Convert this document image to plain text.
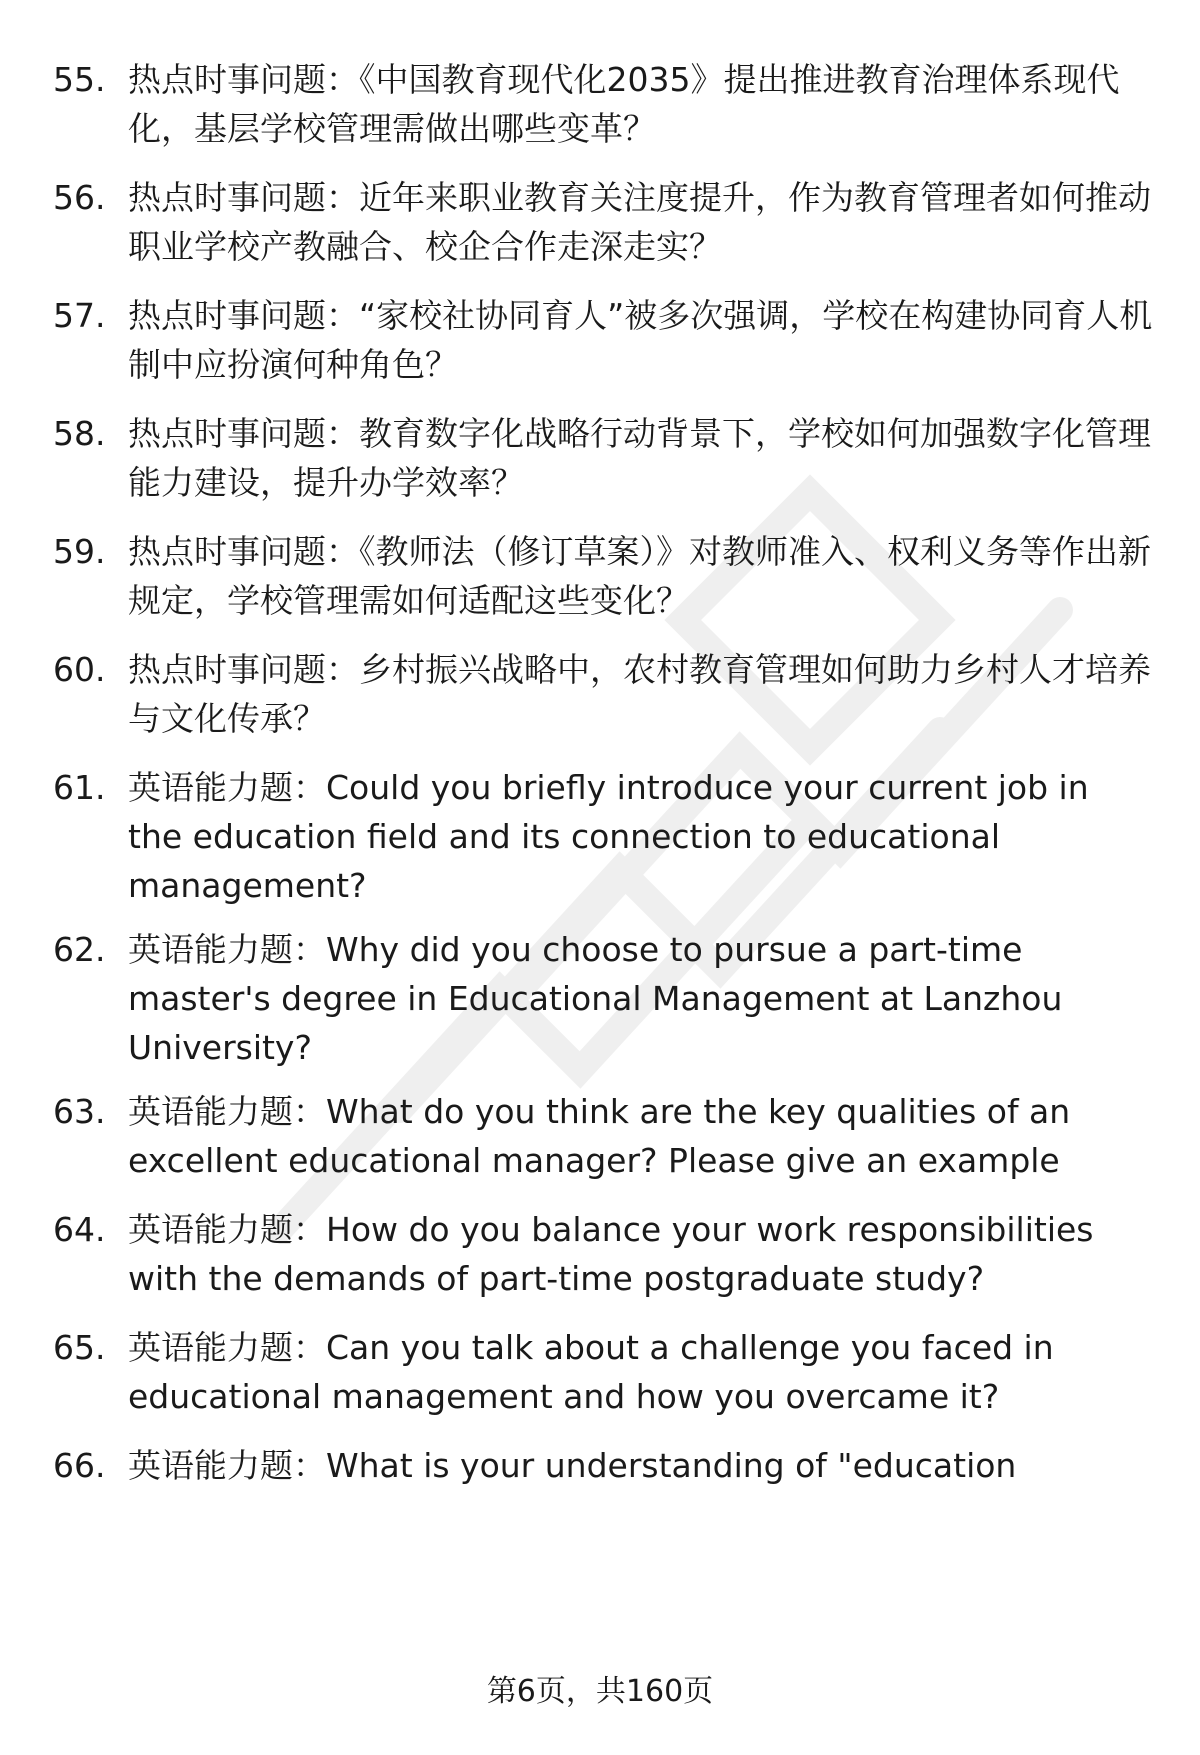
55. 热点时事问题：《中国教育现代化2035》提出推进教育治理体系现代化，基层学校管理需做出哪些变革？
56. 热点时事问题：近年来职业教育关注度提升，作为教育管理者如何推动职业学校产教融合、校企合作走深走实？
57. 热点时事问题：“家校社协同育人”被多次强调，学校在构建协同育人机制中应扮演何种角色？
58. 热点时事问题：教育数字化战略行动背景下，学校如何加强数字化管理能力建设，提升办学效率？
59. 热点时事问题：《教师法（修订草案）》对教师准入、权利义务等作出新规定，学校管理需如何适配这些变化？
60. 热点时事问题：乡村振兴战略中，农村教育管理如何助力乡村人才培养与文化传承？
61. 英语能力题：Could you briefly introduce your current job in the education field and its connection to educational management?
62. 英语能力题：Why did you choose to pursue a part-time master's degree in Educational Management at Lanzhou University?
63. 英语能力题：What do you think are the key qualities of an excellent educational manager? Please give an example
64. 英语能力题：How do you balance your work responsibilities with the demands of part-time postgraduate study?
65. 英语能力题：Can you talk about a challenge you faced in educational management and how you overcame it?
66. 英语能力题：What is your understanding of "education
第6页，共160页
